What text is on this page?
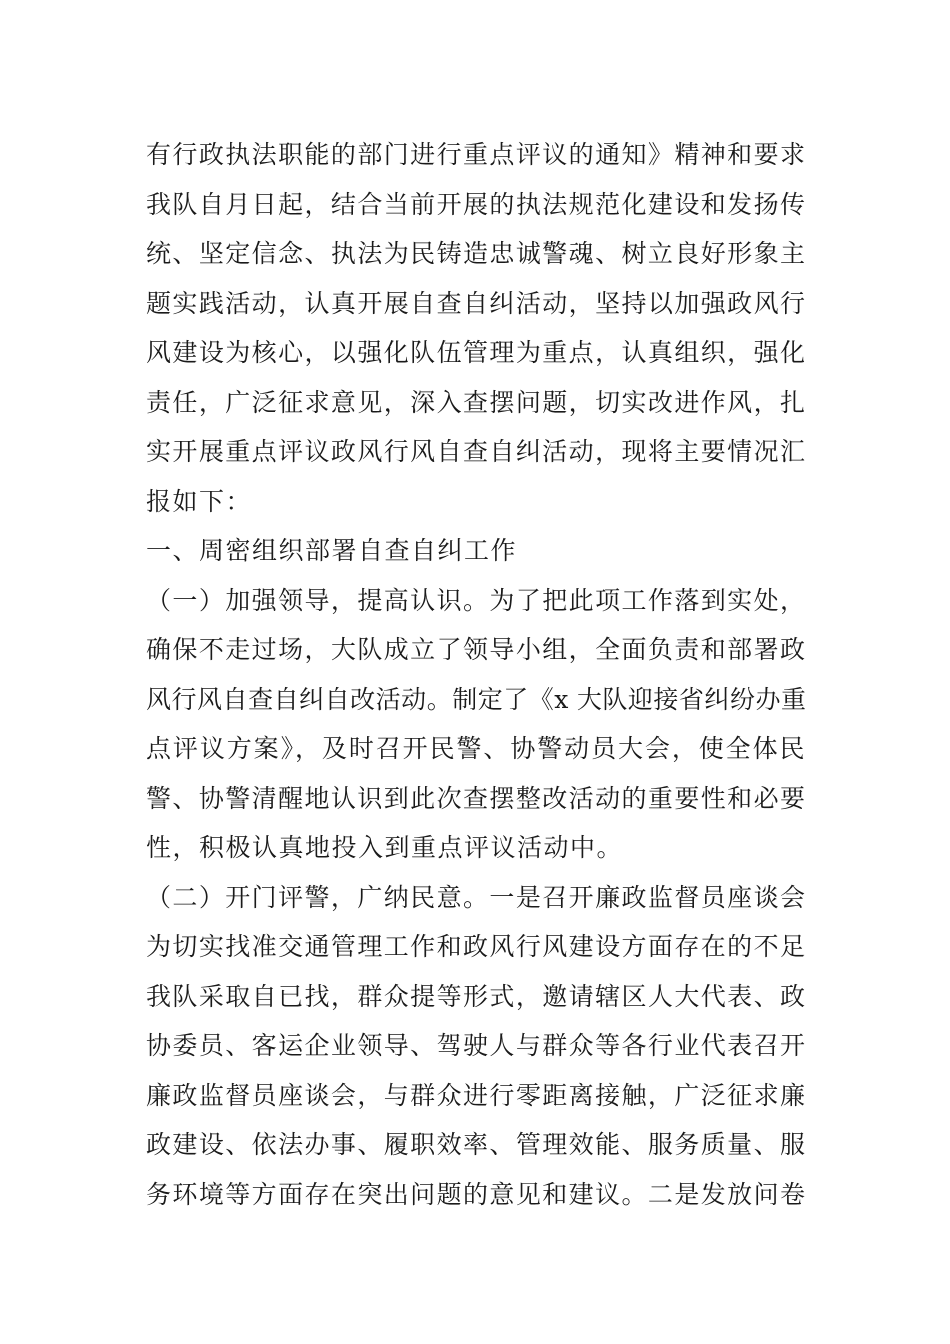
有行政执法职能的部门进行重点评议的通知》精神和要求
我队自月日起，结合当前开展的执法规范化建设和发扬传
统、坚定信念、执法为民铸造忠诚警魂、树立良好形象主
题实践活动，认真开展自查自纠活动，坚持以加强政风行
风建设为核心，以强化队伍管理为重点，认真组织，强化
责任，广泛征求意见，深入查摆问题，切实改进作风，扎
实开展重点评议政风行风自查自纠活动，现将主要情况汇
报如下：
一、周密组织部署自查自纠工作
（一）加强领导，提高认识。为了把此项工作落到实处，
确保不走过场，大队成立了领导小组，全面负责和部署政
风行风自查自纠自改活动。制定了《x 大队迎接省纠纷办重
点评议方案》，及时召开民警、协警动员大会，使全体民
警、协警清醒地认识到此次查摆整改活动的重要性和必要
性，积极认真地投入到重点评议活动中。
（二）开门评警，广纳民意。一是召开廉政监督员座谈会
为切实找准交通管理工作和政风行风建设方面存在的不足
我队采取自已找，群众提等形式，邀请辖区人大代表、政
协委员、客运企业领导、驾驶人与群众等各行业代表召开
廉政监督员座谈会，与群众进行零距离接触，广泛征求廉
政建设、依法办事、履职效率、管理效能、服务质量、服
务环境等方面存在突出问题的意见和建议。二是发放问卷
